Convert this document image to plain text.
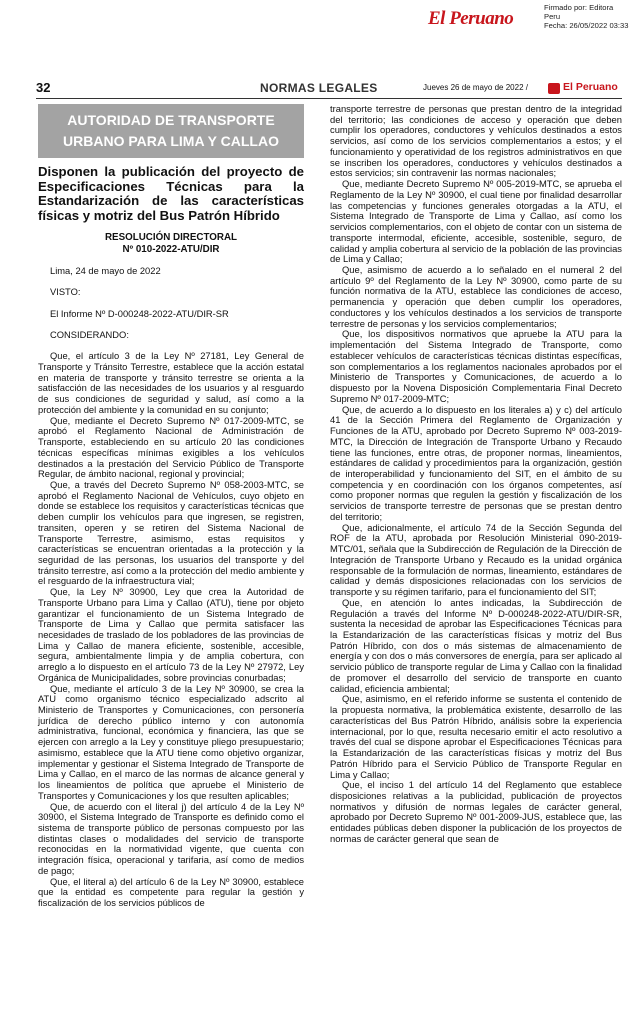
El Peruano
Firmado por: Editora
Peru
Fecha: 26/05/2022 03:33
32	NORMAS LEGALES	Jueves 26 de mayo de 2022 /	El Peruano
AUTORIDAD DE TRANSPORTE
URBANO PARA LIMA Y CALLAO
Disponen la publicación del proyecto de Especificaciones Técnicas para la Estandarización de las características físicas y motriz del Bus Patrón Híbrido
RESOLUCIÓN DIRECTORAL
Nº 010-2022-ATU/DIR

Lima, 24 de mayo de 2022

VISTO:

El Informe Nº D-000248-2022-ATU/DIR-SR

CONSIDERANDO:

Que, el artículo 3 de la Ley Nº 27181, Ley General de Transporte y Tránsito Terrestre, establece que la acción estatal en materia de transporte y tránsito terrestre se orienta a la satisfacción de las necesidades de los usuarios y al resguardo de sus condiciones de seguridad y salud, así como a la protección del ambiente y la comunidad en su conjunto;

Que, mediante el Decreto Supremo Nº 017-2009-MTC, se aprobó el Reglamento Nacional de Administración de Transporte, estableciendo en su artículo 20 las condiciones técnicas específicas mínimas exigibles a los vehículos destinados a la prestación del Servicio Público de Transporte Regular, de ámbito nacional, regional y provincial;

Que, a través del Decreto Supremo Nº 058-2003-MTC, se aprobó el Reglamento Nacional de Vehículos, cuyo objeto en donde se establece los requisitos y características técnicas que deben cumplir los vehículos para que ingresen, se registren, transiten, operen y se retiren del Sistema Nacional de Transporte Terrestre, asimismo, estas requisitos y características se encuentran orientadas a la protección y la seguridad de las personas, los usuarios del transporte y del tránsito terrestre, así como a la protección del medio ambiente y el resguardo de la infraestructura vial;

Que, la Ley Nº 30900, Ley que crea la Autoridad de Transporte Urbano para Lima y Callao (ATU), tiene por objeto garantizar el funcionamiento de un Sistema Integrado de Transporte de Lima y Callao que permita satisfacer las necesidades de traslado de los pobladores de las provincias de Lima y Callao de manera eficiente, sostenible, accesible, segura, ambientalmente limpia y de amplia cobertura, con arreglo a lo dispuesto en el artículo 73 de la Ley Nº 27972, Ley Orgánica de Municipalidades, sobre provincias conurbadas;

Que, mediante el artículo 3 de la Ley Nº 30900, se crea la ATU como organismo técnico especializado adscrito al Ministerio de Transportes y Comunicaciones, con personería jurídica de derecho público interno y con autonomía administrativa, funcional, económica y financiera, las que se ejercen con arreglo a la Ley y constituye pliego presupuestario; asimismo, establece que la ATU tiene como objetivo organizar, implementar y gestionar el Sistema Integrado de Transporte de Lima y Callao, en el marco de las normas de alcance general y los lineamientos de política que apruebe el Ministerio de Transportes y Comunicaciones y los que resulten aplicables;

Que, de acuerdo con el literal j) del artículo 4 de la Ley Nº 30900, el Sistema Integrado de Transporte es definido como el sistema de transporte público de personas compuesto por las distintas clases o modalidades del servicio de transporte reconocidas en la normatividad vigente, que cuenta con integración física, operacional y tarifaria, así como de medios de pago;

Que, el literal a) del artículo 6 de la Ley Nº 30900, establece que la entidad es competente para regular la gestión y fiscalización de los servicios públicos de

transporte terrestre de personas que prestan dentro de la integridad del territorio; las condiciones de acceso y operación que deben cumplir los operadores, conductores y vehículos destinados a estos servicios, así como de los servicios complementarios a estos; y el funcionamiento y operatividad de los registros administrativos en que se inscriben los operadores, conductores y vehículos destinados a estos servicios; sin contravenir las normas nacionales;

Que, mediante Decreto Supremo Nº 005-2019-MTC, se aprueba el Reglamento de la Ley Nº 30900, el cual tiene por finalidad desarrollar las competencias y funciones generales otorgadas a la ATU, el Sistema Integrado de Transporte de Lima y Callao, así como los servicios complementarios, con el objeto de contar con un sistema de transporte intermodal, eficiente, accesible, sostenible, seguro, de calidad y amplia cobertura al servicio de la población de las provincias de Lima y Callao;

Que, asimismo de acuerdo a lo señalado en el numeral 2 del artículo 9º del Reglamento de la Ley Nº 30900, como parte de su función normativa de la ATU, establece las condiciones de acceso, permanencia y operación que deben cumplir los operadores, conductores y los vehículos destinados a los servicios de transporte terrestre de personas y los servicios complementarios;

Que, los dispositivos normativos que apruebe la ATU para la implementación del Sistema Integrado de Transporte, como establecer vehículos de características técnicas distintas específicas, son complementarios a los reglamentos nacionales aprobados por el Ministerio de Transportes y Comunicaciones, de acuerdo a lo dispuesto por la Novena Disposición Complementaria Final Decreto Supremo Nº 017-2009-MTC;

Que, de acuerdo a lo dispuesto en los literales a) y c) del artículo 41 de la Sección Primera del Reglamento de Organización y Funciones de la ATU, aprobado por Decreto Supremo Nº 003-2019-MTC, la Dirección de Integración de Transporte Urbano y Recaudo tiene las funciones, entre otras, de proponer normas, lineamientos, estándares de calidad y procedimientos para la organización, gestión de interoperabilidad y funcionamiento del SIT, en el ámbito de su competencia y en coordinación con los órganos competentes, así como proponer normas que regulen la gestión y fiscalización de los servicios de transporte terrestre de personas que se prestan dentro del territorio;

Que, adicionalmente, el artículo 74 de la Sección Segunda del ROF de la ATU, aprobada por Resolución Ministerial 090-2019-MTC/01, señala que la Subdirección de Regulación de la Dirección de Integración de Transporte Urbano y Recaudo es la unidad orgánica responsable de la formulación de normas, lineamiento, estándares de calidad y demás disposiciones relacionadas con los servicios de transporte y su régimen tarifario, para el funcionamiento del SIT;

Que, en atención lo antes indicadas, la Subdirección de Regulación a través del Informe Nº D-000248-2022-ATU/DIR-SR, sustenta la necesidad de aprobar las Especificaciones Técnicas para la Estandarización de las características físicas y motriz del Bus Patrón Híbrido, con dos o más sistemas de almacenamiento de energía y con dos o más conversores de energía, para ser aplicado al servicio público de transporte regular de Lima y Callao con la finalidad de promover el desarrollo del servicio de transporte en cuanto calidad, eficiencia ambiental;

Que, asimismo, en el referido informe se sustenta el contenido de la propuesta normativa, la problemática existente, desarrollo de las características del Bus Patrón Híbrido, análisis sobre la experiencia internacional, por lo que, resulta necesario emitir el acto resolutivo a través del cual se dispone aprobar el Especificaciones Técnicas para la Estandarización de las características físicas y motriz del Bus Patrón Híbrido para el Servicio Público de Transporte Regular en Lima y Callao;

Que, el inciso 1 del artículo 14 del Reglamento que establece disposiciones relativas a la publicidad, publicación de proyectos normativos y difusión de normas legales de carácter general, aprobado por Decreto Supremo Nº 001-2009-JUS, establece que, las entidades públicas deben disponer la publicación de los proyectos de normas de carácter general que sean de
